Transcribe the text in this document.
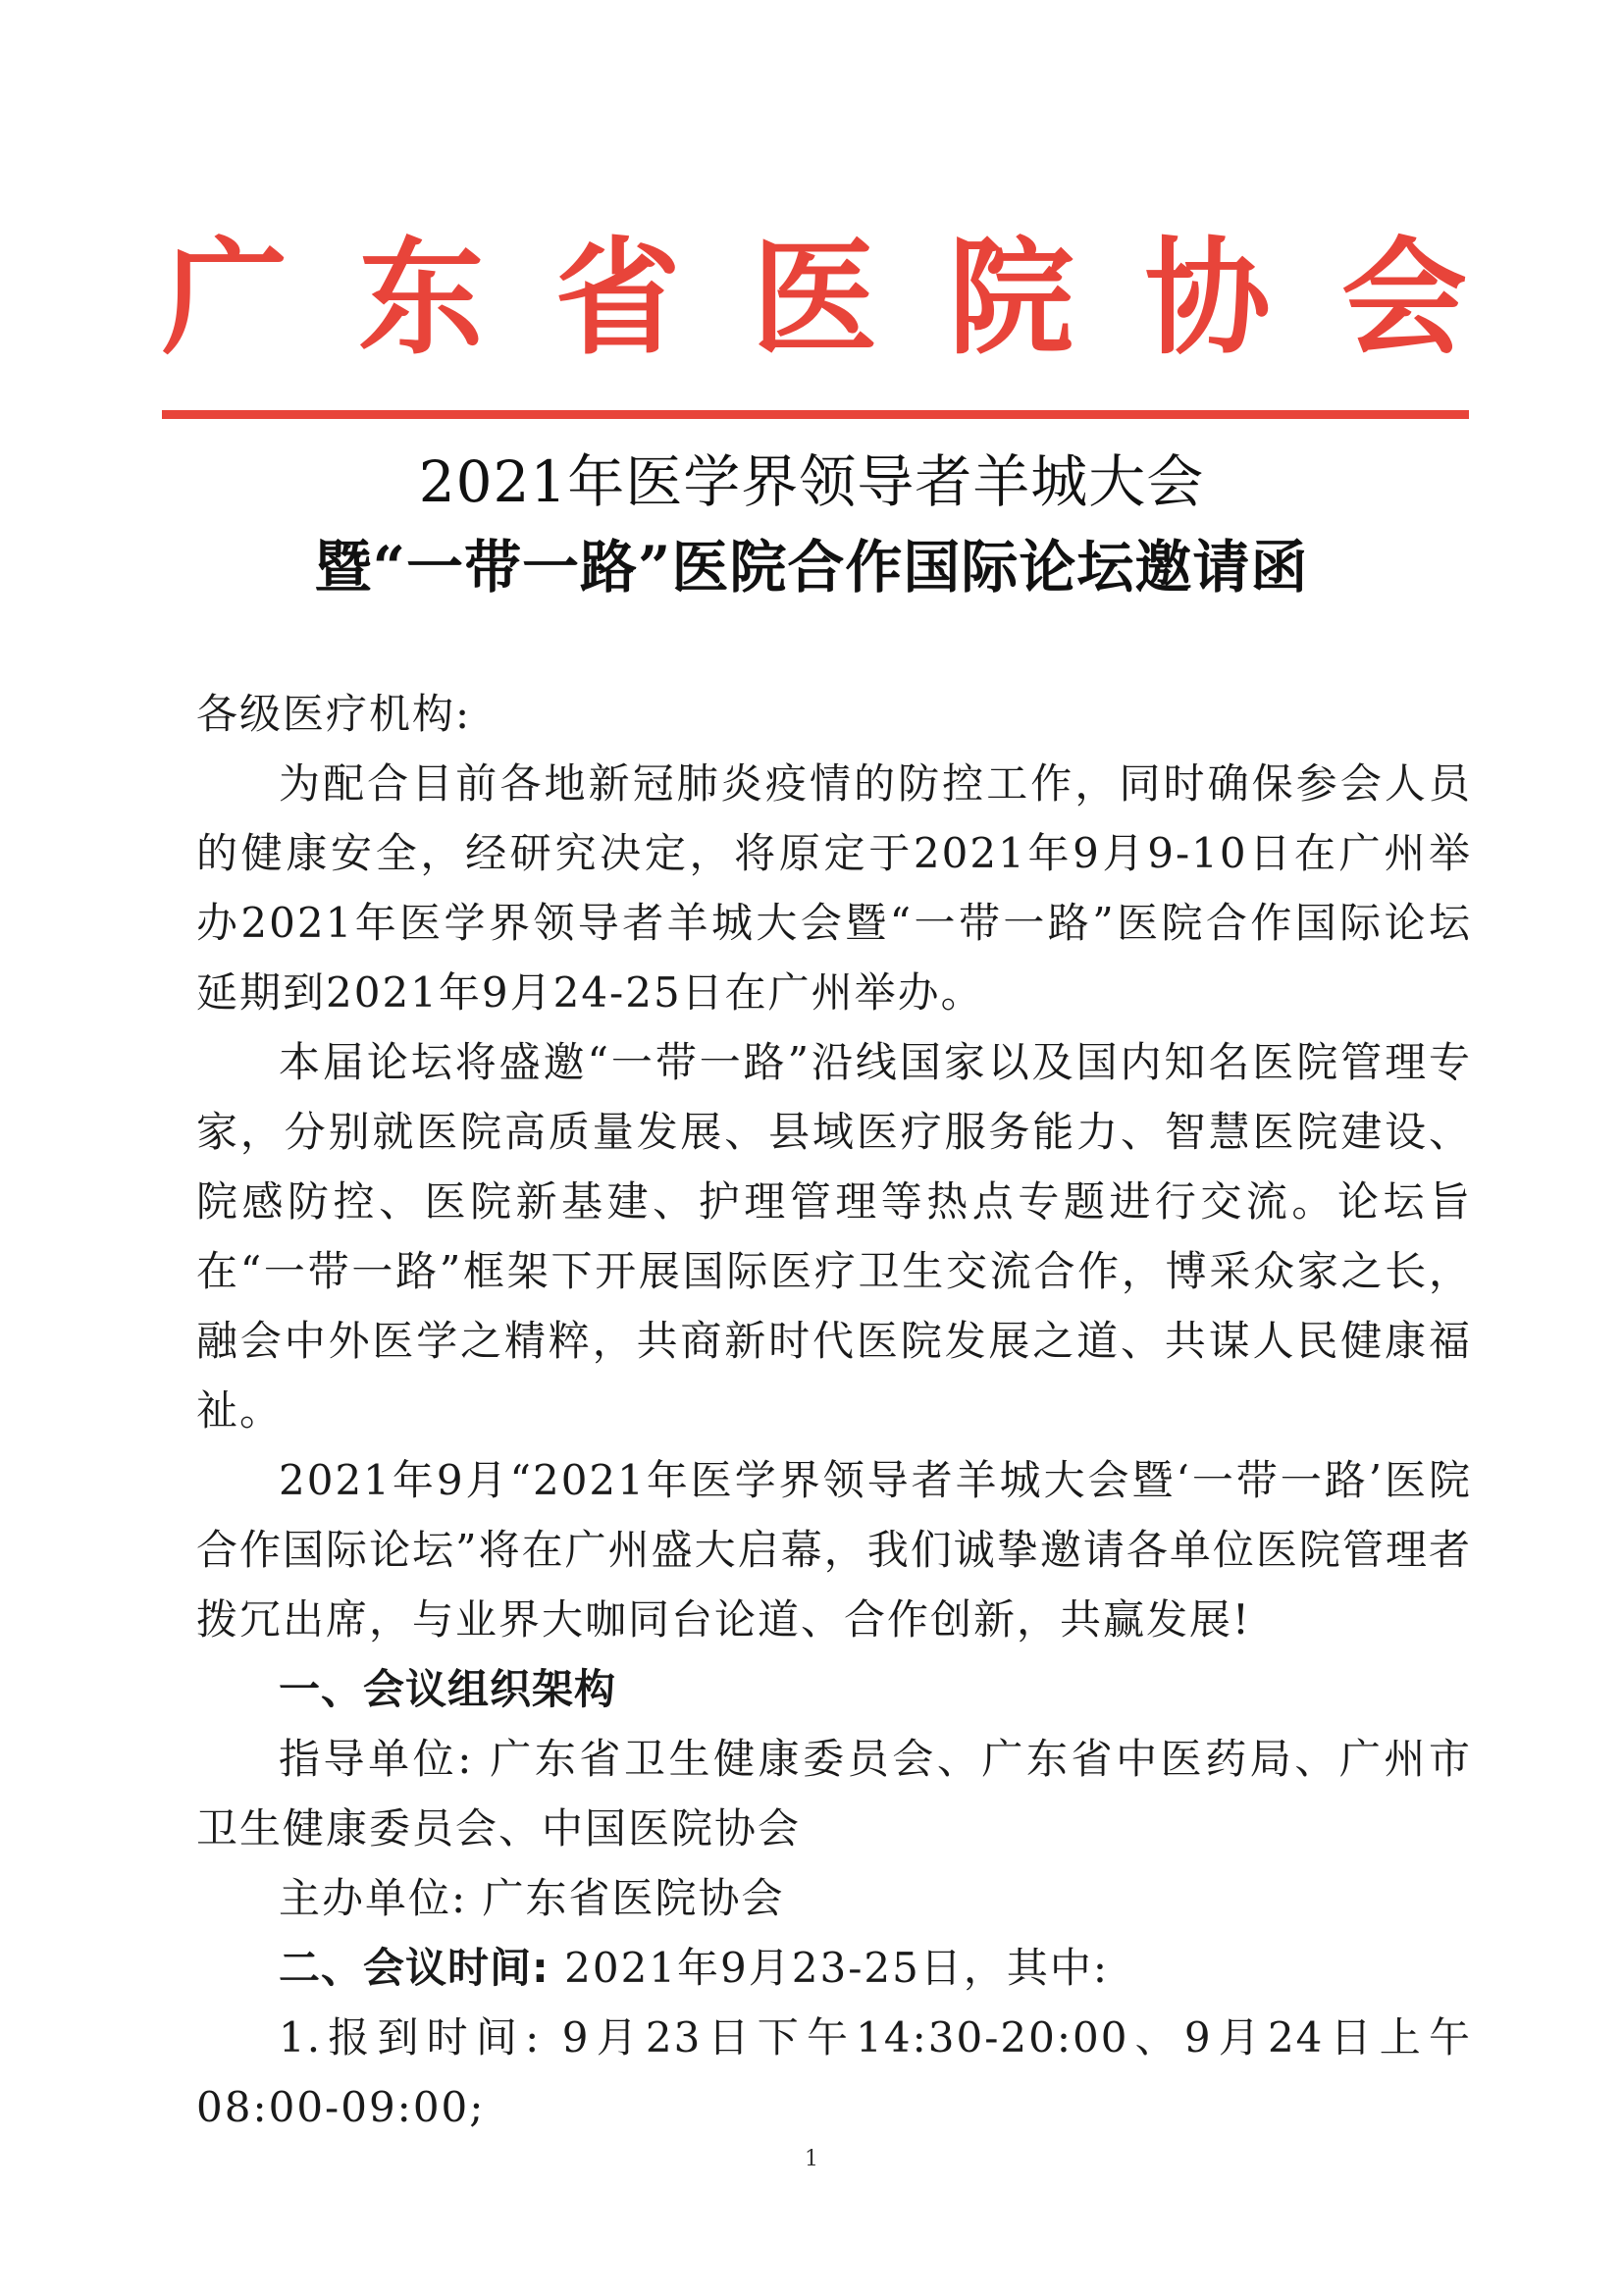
广 东 省 医 院 协 会
2021年医学界领导者羊城大会
暨“一带一路”医院合作国际论坛邀请函

各级医疗机构:

为配合目前各地新冠肺炎疫情的防控工作，同时确保参会人员的健康安全，经研究决定，将原定于2021年9月9-10日在广州举办2021年医学界领导者羊城大会暨“一带一路”医院合作国际论坛延期到2021年9月24-25日在广州举办。

本届论坛将盛邀“一带一路”沿线国家以及国内知名医院管理专家，分别就医院高质量发展、县域医疗服务能力、智慧医院建设、院感防控、医院新基建、护理管理等热点专题进行交流。论坛旨在“一带一路”框架下开展国际医疗卫生交流合作，博采众家之长，融会中外医学之精粹，共商新时代医院发展之道、共谋人民健康福祉。

2021年9月“2021年医学界领导者羊城大会暨‘一带一路’医院合作国际论坛”将在广州盛大启幕，我们诚挚邀请各单位医院管理者拨冗出席，与业界大咖同台论道、合作创新，共赢发展!

一、会议组织架构

指导单位: 广东省卫生健康委员会、广东省中医药局、广州市卫生健康委员会、中国医院协会

主办单位: 广东省医院协会

二、会议时间: 2021年9月23-25日，其中:

1.报到时间: 9月23日下午14:30-20:00、9月24日上午08:00-09:00;

1
